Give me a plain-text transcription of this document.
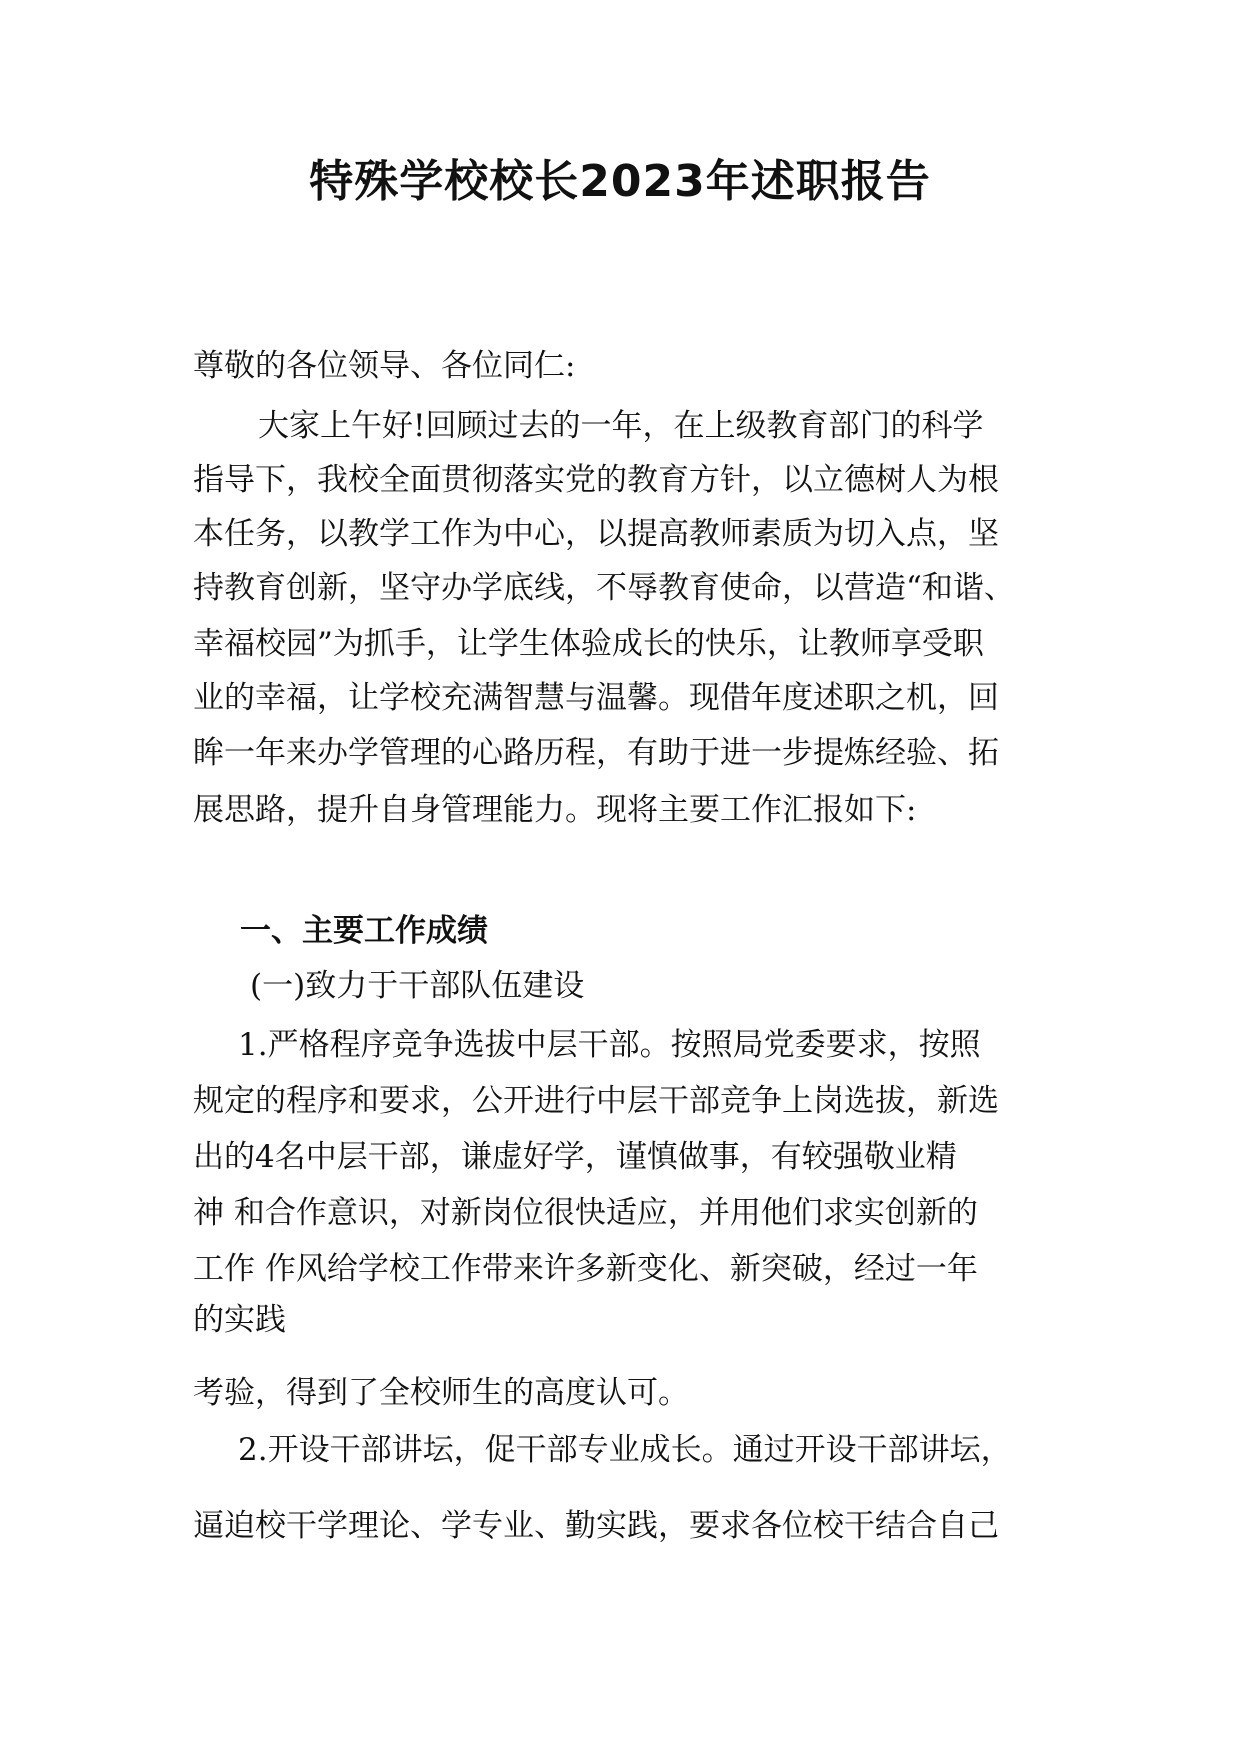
特殊学校校长2023年述职报告
尊敬的各位领导、各位同仁:
大家上午好!回顾过去的一年，在上级教育部门的科学
指导下，我校全面贯彻落实党的教育方针，以立德树人为根
本任务，以教学工作为中心，以提高教师素质为切入点，坚
持教育创新，坚守办学底线，不辱教育使命，以营造“和谐、
幸福校园”为抓手，让学生体验成长的快乐，让教师享受职
业的幸福，让学校充满智慧与温馨。现借年度述职之机，回
眸一年来办学管理的心路历程，有助于进一步提炼经验、拓
展思路，提升自身管理能力。现将主要工作汇报如下:
一、主要工作成绩
(一)致力于干部队伍建设
1.严格程序竞争选拔中层干部。按照局党委要求，按照
规定的程序和要求，公开进行中层干部竞争上岗选拔，新选
出的4名中层干部，谦虚好学，谨慎做事，有较强敬业精
神 和合作意识，对新岗位很快适应，并用他们求实创新的
工作 作风给学校工作带来许多新变化、新突破，经过一年
的实践
考验，得到了全校师生的高度认可。
2.开设干部讲坛，促干部专业成长。通过开设干部讲坛，
逼迫校干学理论、学专业、勤实践，要求各位校干结合自己
